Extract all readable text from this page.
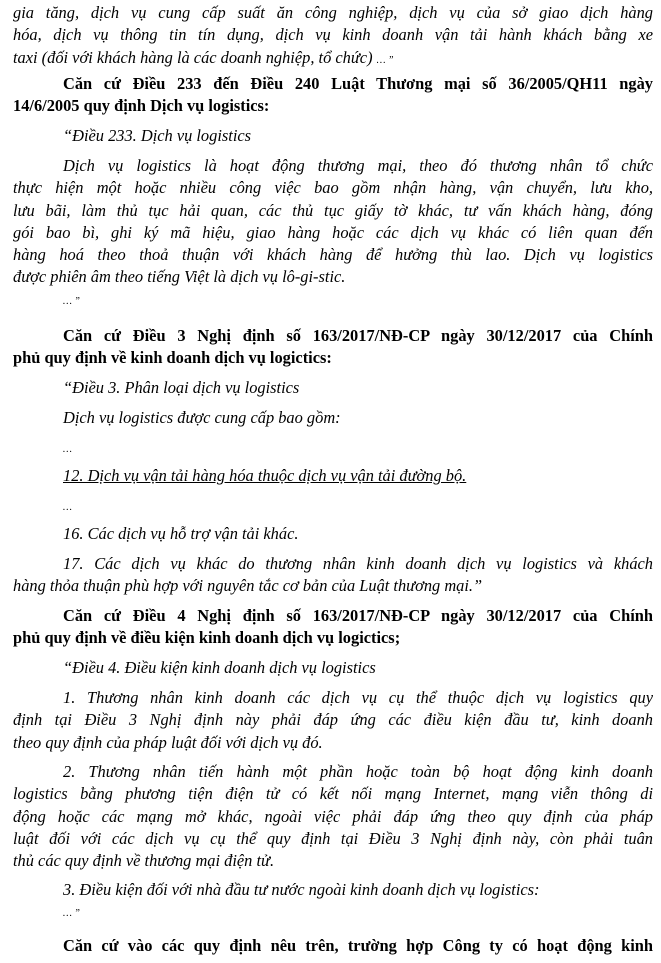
gia tăng, dịch vụ cung cấp suất ăn công nghiệp, dịch vụ của sở giao dịch hàng
hóa, dịch vụ thông tin tín dụng, dịch vụ kinh doanh vận tải hành khách bằng xe
taxi (đối với khách hàng là các doanh nghiệp, tổ chức) … ”
Căn cứ Điều 233 đến Điều 240 Luật Thương mại số 36/2005/QH11 ngày
14/6/2005 quy định Dịch vụ logistics:
“Điều 233. Dịch vụ logistics
Dịch vụ logistics là hoạt động thương mại, theo đó thương nhân tổ chức
thực hiện một hoặc nhiều công việc bao gồm nhận hàng, vận chuyển, lưu kho,
lưu bãi, làm thủ tục hải quan, các thủ tục giấy tờ khác, tư vấn khách hàng, đóng
gói bao bì, ghi ký mã hiệu, giao hàng hoặc các dịch vụ khác có liên quan đến
hàng hoá theo thoả thuận với khách hàng để hưởng thù lao. Dịch vụ logistics
được phiên âm theo tiếng Việt là dịch vụ lô-gi-stic.
… ”
Căn cứ Điều 3 Nghị định số 163/2017/NĐ-CP ngày 30/12/2017 của Chính
phủ quy định về kinh doanh dịch vụ logictics:
“Điều 3. Phân loại dịch vụ logistics
Dịch vụ logistics được cung cấp bao gồm:
…
12. Dịch vụ vận tải hàng hóa thuộc dịch vụ vận tải đường bộ.
…
16. Các dịch vụ hỗ trợ vận tải khác.
17. Các dịch vụ khác do thương nhân kinh doanh dịch vụ logistics và khách
hàng thỏa thuận phù hợp với nguyên tắc cơ bản của Luật thương mại.”
Căn cứ Điều 4 Nghị định số 163/2017/NĐ-CP ngày 30/12/2017 của Chính
phủ quy định về điều kiện kinh doanh dịch vụ logictics;
“Điều 4. Điều kiện kinh doanh dịch vụ logistics
1. Thương nhân kinh doanh các dịch vụ cụ thể thuộc dịch vụ logistics quy
định tại Điều 3 Nghị định này phải đáp ứng các điều kiện đầu tư, kinh doanh
theo quy định của pháp luật đối với dịch vụ đó.
2. Thương nhân tiến hành một phần hoặc toàn bộ hoạt động kinh doanh
logistics bằng phương tiện điện tử có kết nối mạng Internet, mạng viễn thông di
động hoặc các mạng mở khác, ngoài việc phải đáp ứng theo quy định của pháp
luật đối với các dịch vụ cụ thể quy định tại Điều 3 Nghị định này, còn phải tuân
thủ các quy định về thương mại điện tử.
3. Điều kiện đối với nhà đầu tư nước ngoài kinh doanh dịch vụ logistics:
… ”
Căn cứ vào các quy định nêu trên, trường hợp Công ty có hoạt động kinh
